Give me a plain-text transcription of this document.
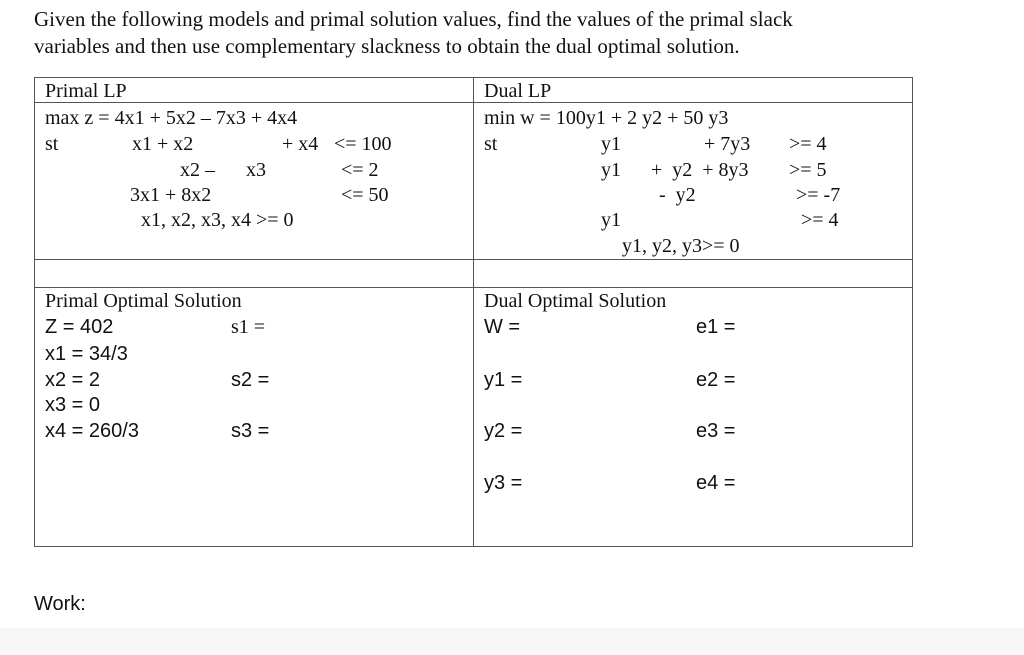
Given the following models and primal solution values, find the values of the primal slack
variables and then use complementary slackness to obtain the dual optimal solution.
Primal LP
max z = 4x1 + 5x2 – 7x3 + 4x4
st	x1 + x2	+ x4 <= 100
x2 – x3	<= 2
3x1 + 8x2	<= 50
x1, x2, x3, x4 >= 0
Dual LP
min w = 100y1 + 2 y2 + 50 y3
st	y1	+ 7y3 >= 4
y1 +  y2  + 8y3 >= 5
-  y2	>= -7
y1	>= 4
y1, y2, y3>= 0
Primal Optimal Solution
Z = 402	s1 =
x1 = 34/3
x2 = 2	s2 =
x3 = 0
x4 = 260/3	s3 =
Dual Optimal Solution
W =	e1 =
y1 =	e2 =
y2 =	e3 =
y3 =	e4 =
Work:
